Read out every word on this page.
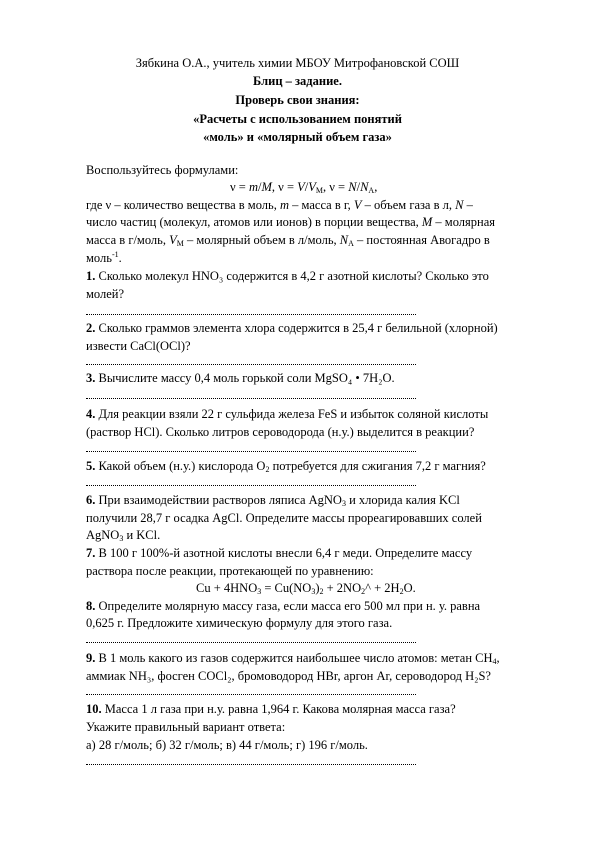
Зябкина О.А., учитель химии МБОУ Митрофановской СОШ
Блиц – задание.
Проверь свои знания:
«Расчеты с использованием понятий
«моль» и «молярный объем газа»
Воспользуйтесь формулами:
ν = m/M, $\nu = V/V_M$, $\nu = N/N_A$,
где ν – количество вещества в моль, m – масса в г, V – объем газа в л, N –
число частиц (молекул, атомов или ионов) в порции вещества, M – молярная
масса в г/моль, $V_M$ – молярный объем в л/моль, $N_A$ – постоянная Авогадро в
моль$^{-1}$.
1. Сколько молекул HNO₃ содержится в 4,2 г азотной кислоты? Сколько это
молей?
2. Сколько граммов элемента хлора содержится в 25,4 г белильной (хлорной)
извести CaCl(OCl)?
3. Вычислите массу 0,4 моль горькой соли MgSO₄ • 7H₂O.
4. Для реакции взяли 22 г сульфида железа FeS и избыток соляной кислоты
(раствор HCl). Сколько литров сероводорода (н.у.) выделится в реакции?
5. Какой объем (н.у.) кислорода $O_2$ потребуется для сжигания 7,2 г магния?
6. При взаимодействии растворов ляписа AgNO$_3$ и хлорида калия KCl
получили 28,7 г осадка AgCl. Определите массы прореагировавших солей
AgNO$_3$ и KCl.
7. В 100 г 100%-й азотной кислоты внесли 6,4 г меди. Определите массу
раствора после реакции, протекающей по уравнению:
$Cu + 4HNO_3 = Cu(NO_3)_2$ + $2NO_2\^{} + 2H_2O$.
8. Определите молярную массу газа, если масса его 500 мл при н. у. равна
0,625 г. Предложите химическую формулу для этого газа.
9. В 1 моль какого из газов содержится наибольшее число атомов: метан $CH_4$,
аммиак NH₃, фосген COCl₂, бромоводород HBr, аргон Ar, сероводород H₂S?
10. Масса 1 л газа при н.у. равна 1,964 г. Какова молярная масса газа?
Укажите правильный вариант ответа:
а) 28 г/моль; б) 32 г/моль; в) 44 г/моль; г) 196 г/моль.
